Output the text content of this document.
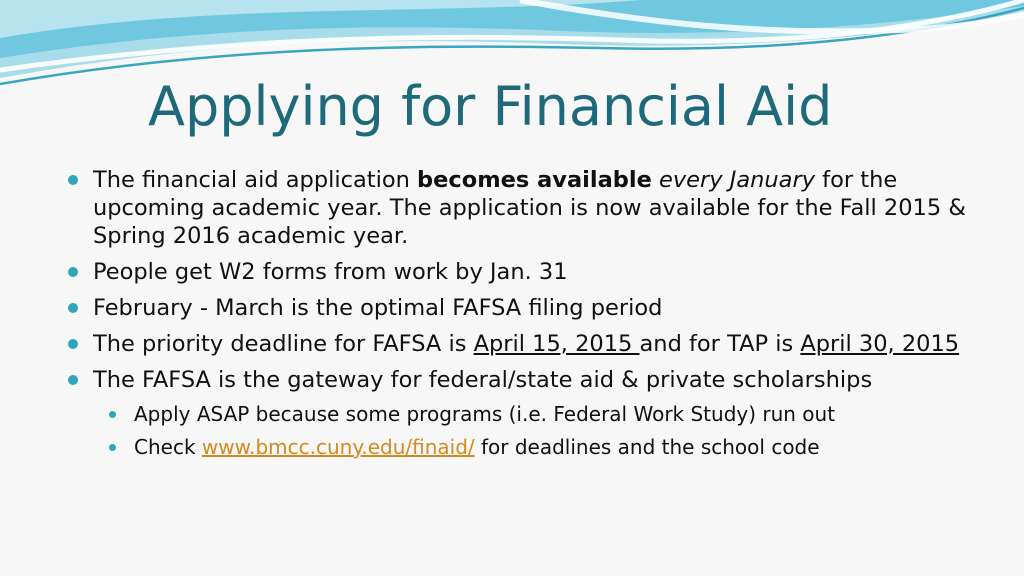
Applying for Financial Aid
The financial aid application becomes available every January for the upcoming academic year. The application is now available for the Fall 2015 & Spring 2016 academic year.
People get W2 forms from work by Jan. 31
February - March is the optimal FAFSA filing period
The priority deadline for FAFSA is April 15, 2015 and for TAP is April 30, 2015
The FAFSA is the gateway for federal/state aid & private scholarships
Apply ASAP because some programs (i.e. Federal Work Study) run out
Check www.bmcc.cuny.edu/finaid/ for deadlines and the school code
